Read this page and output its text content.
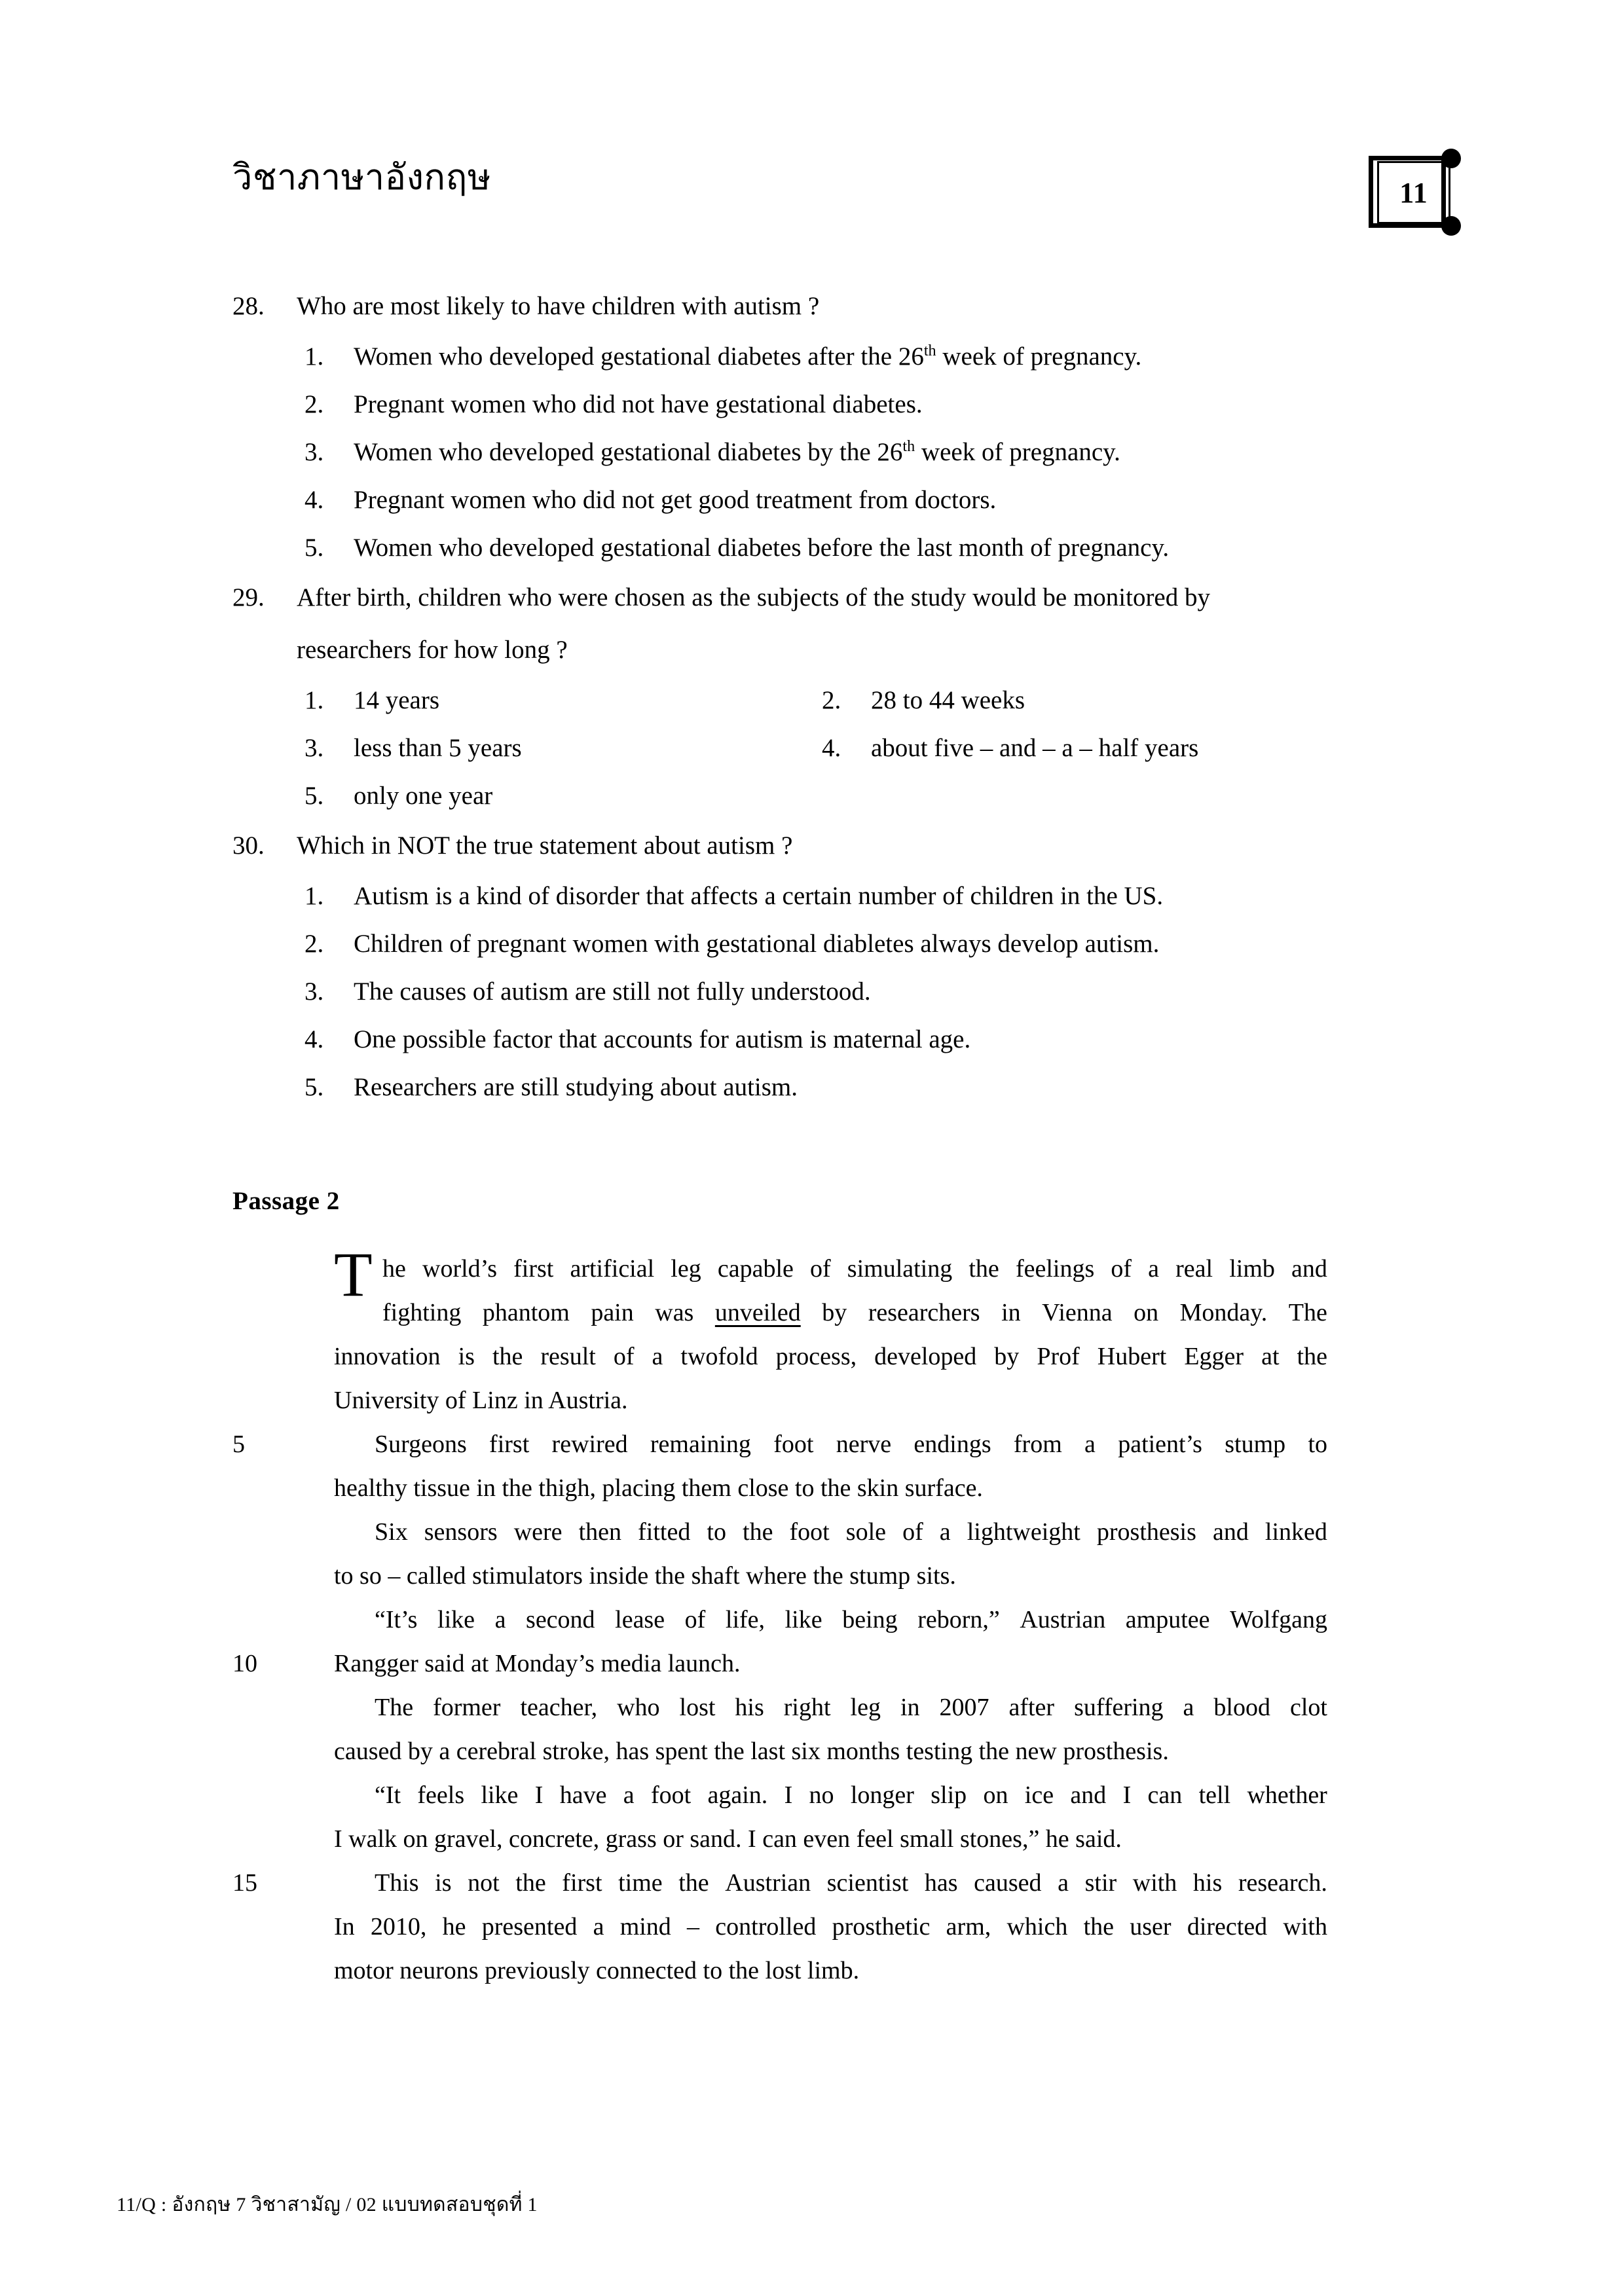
วิชาภาษาอังกฤษ	11
28.	Who are most likely to have children with autism ?
1.	Women who developed gestational diabetes after the 26th week of pregnancy.
2.	Pregnant women who did not have gestational diabetes.
3.	Women who developed gestational diabetes by the 26th week of pregnancy.
4.	Pregnant women who did not get good treatment from doctors.
5.	Women who developed gestational diabetes before the last month of pregnancy.
29.	After birth, children who were chosen as the subjects of the study would be monitored by
researchers for how long ?
1.	14 years	2.	28 to 44 weeks
3.	less than 5 years	4.	about five – and – a – half years
5.	only one year
30.	Which in NOT the true statement about autism ?
1.	Autism is a kind of disorder that affects a certain number of children in the US.
2.	Children of pregnant women with gestational diabletes always develop autism.
3.	The causes of autism are still not fully understood.
4.	One possible factor that accounts for autism is maternal age.
5.	Researchers are still studying about autism.
Passage 2
he world’s first artificial leg capable of simulating the feelings of a real limb and
fighting phantom pain was unveiled by researchers in Vienna on Monday. The
innovation is the result of a twofold process, developed by Prof Hubert Egger at the
University of Linz in Austria.
5	Surgeons first rewired remaining foot nerve endings from a patient’s stump to
healthy tissue in the thigh, placing them close to the skin surface.
Six sensors were then fitted to the foot sole of a lightweight prosthesis and linked
to so – called stimulators inside the shaft where the stump sits.
“It’s like a second lease of life, like being reborn,” Austrian amputee Wolfgang
10	Rangger said at Monday’s media launch.
The former teacher, who lost his right leg in 2007 after suffering a blood clot
caused by a cerebral stroke, has spent the last six months testing the new prosthesis.
“It feels like I have a foot again. I no longer slip on ice and I can tell whether
I walk on gravel, concrete, grass or sand. I can even feel small stones,” he said.
15	This is not the first time the Austrian scientist has caused a stir with his research.
In 2010, he presented a mind – controlled prosthetic arm, which the user directed with
motor neurons previously connected to the lost limb.
T
11/Q : อังกฤษ 7 วิชาสามัญ / 02 แบบทดสอบชุดที่ 1
